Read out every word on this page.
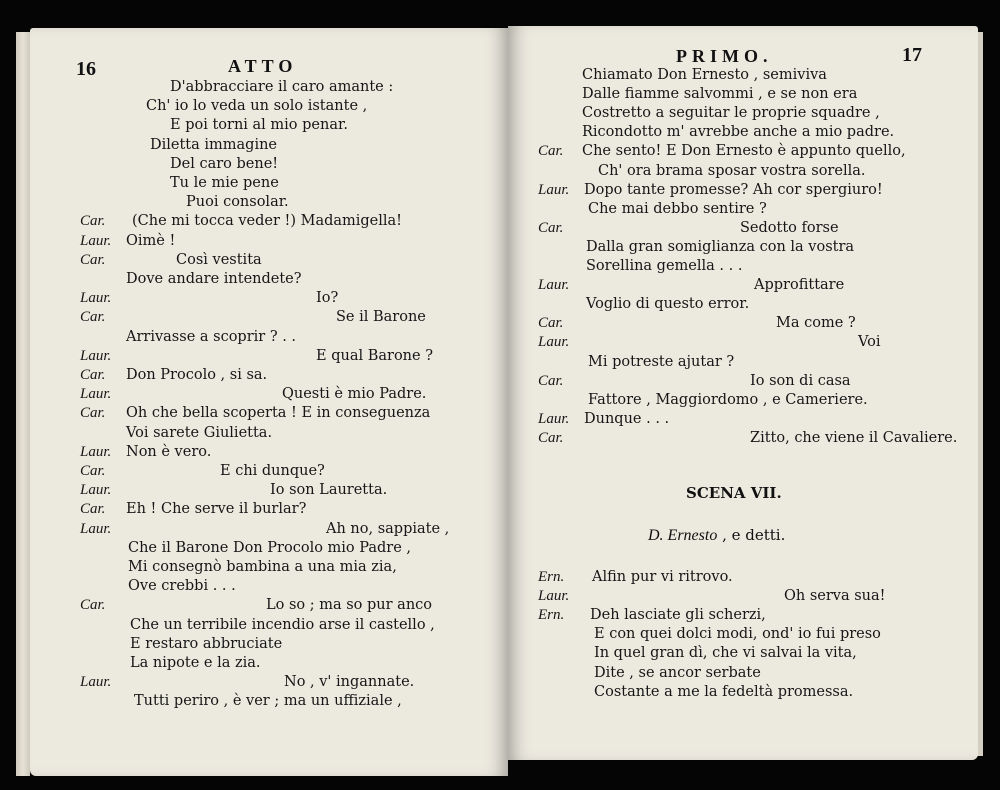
16	ATTO
D'abbracciare il caro amante :
Ch' io lo veda un solo istante ,
E poi torni al mio penar.
Diletta immagine
Del caro bene!
Tu le mie pene
Puoi consolar.
Car. (Che mi tocca veder !) Madamigella!
Laur. Oimè !
Car.	Così vestita
Dove andare intendete?
Laur.	Io?
Car.	Se il Barone
Arrivasse a scoprir ? . .
Laur.	E qual Barone ?
Car. Don Procolo , si sa.
Laur.	Questi è mio Padre.
Car. Oh che bella scoperta ! E in conseguenza
Voi sarete Giulietta.
Laur. Non è vero.
Car.	E chi dunque?
Laur.	Io son Lauretta.
Car. Eh ! Che serve il burlar?
Laur.	Ah no, sappiate ,
Che il Barone Don Procolo mio Padre ,
Mi consegnò bambina a una mia zia,
Ove crebbi . . .
Car.	Lo so ; ma so pur anco
Che un terribile incendio arse il castello ,
E restaro abbruciate
La nipote e la zia.
Laur.	No , v' ingannate.
Tutti periro , è ver ; ma un uffiziale ,
PRIMO.	17
Chiamato Don Ernesto , semiviva
Dalle fiamme salvommi , e se non era
Costretto a seguitar le proprie squadre ,
Ricondotto m' avrebbe anche a mio padre.
Car. Che sento! E Don Ernesto è appunto quello,
Ch' ora brama sposar vostra sorella.
Laur. Dopo tante promesse? Ah cor spergiuro!
Che mai debbo sentire ?
Car.	Sedotto forse
Dalla gran somiglianza con la vostra
Sorellina gemella . . .
Laur.	Approfittare
Voglio di questo error.
Car.	Ma come ?
Laur.	Voi
Mi potreste ajutar ?
Car.	Io son di casa
Fattore , Maggiordomo , e Cameriere.
Laur. Dunque . . .
Car.	Zitto, che viene il Cavaliere.
SCENA VII.
D. Ernesto , e detti.
Ern. Alfin pur vi ritrovo.
Laur.	Oh serva sua!
Ern. Deh lasciate gli scherzi,
E con quei dolci modi, ond' io fui preso
In quel gran dì, che vi salvai la vita,
Dite , se ancor serbate
Costante a me la fedeltà promessa.
